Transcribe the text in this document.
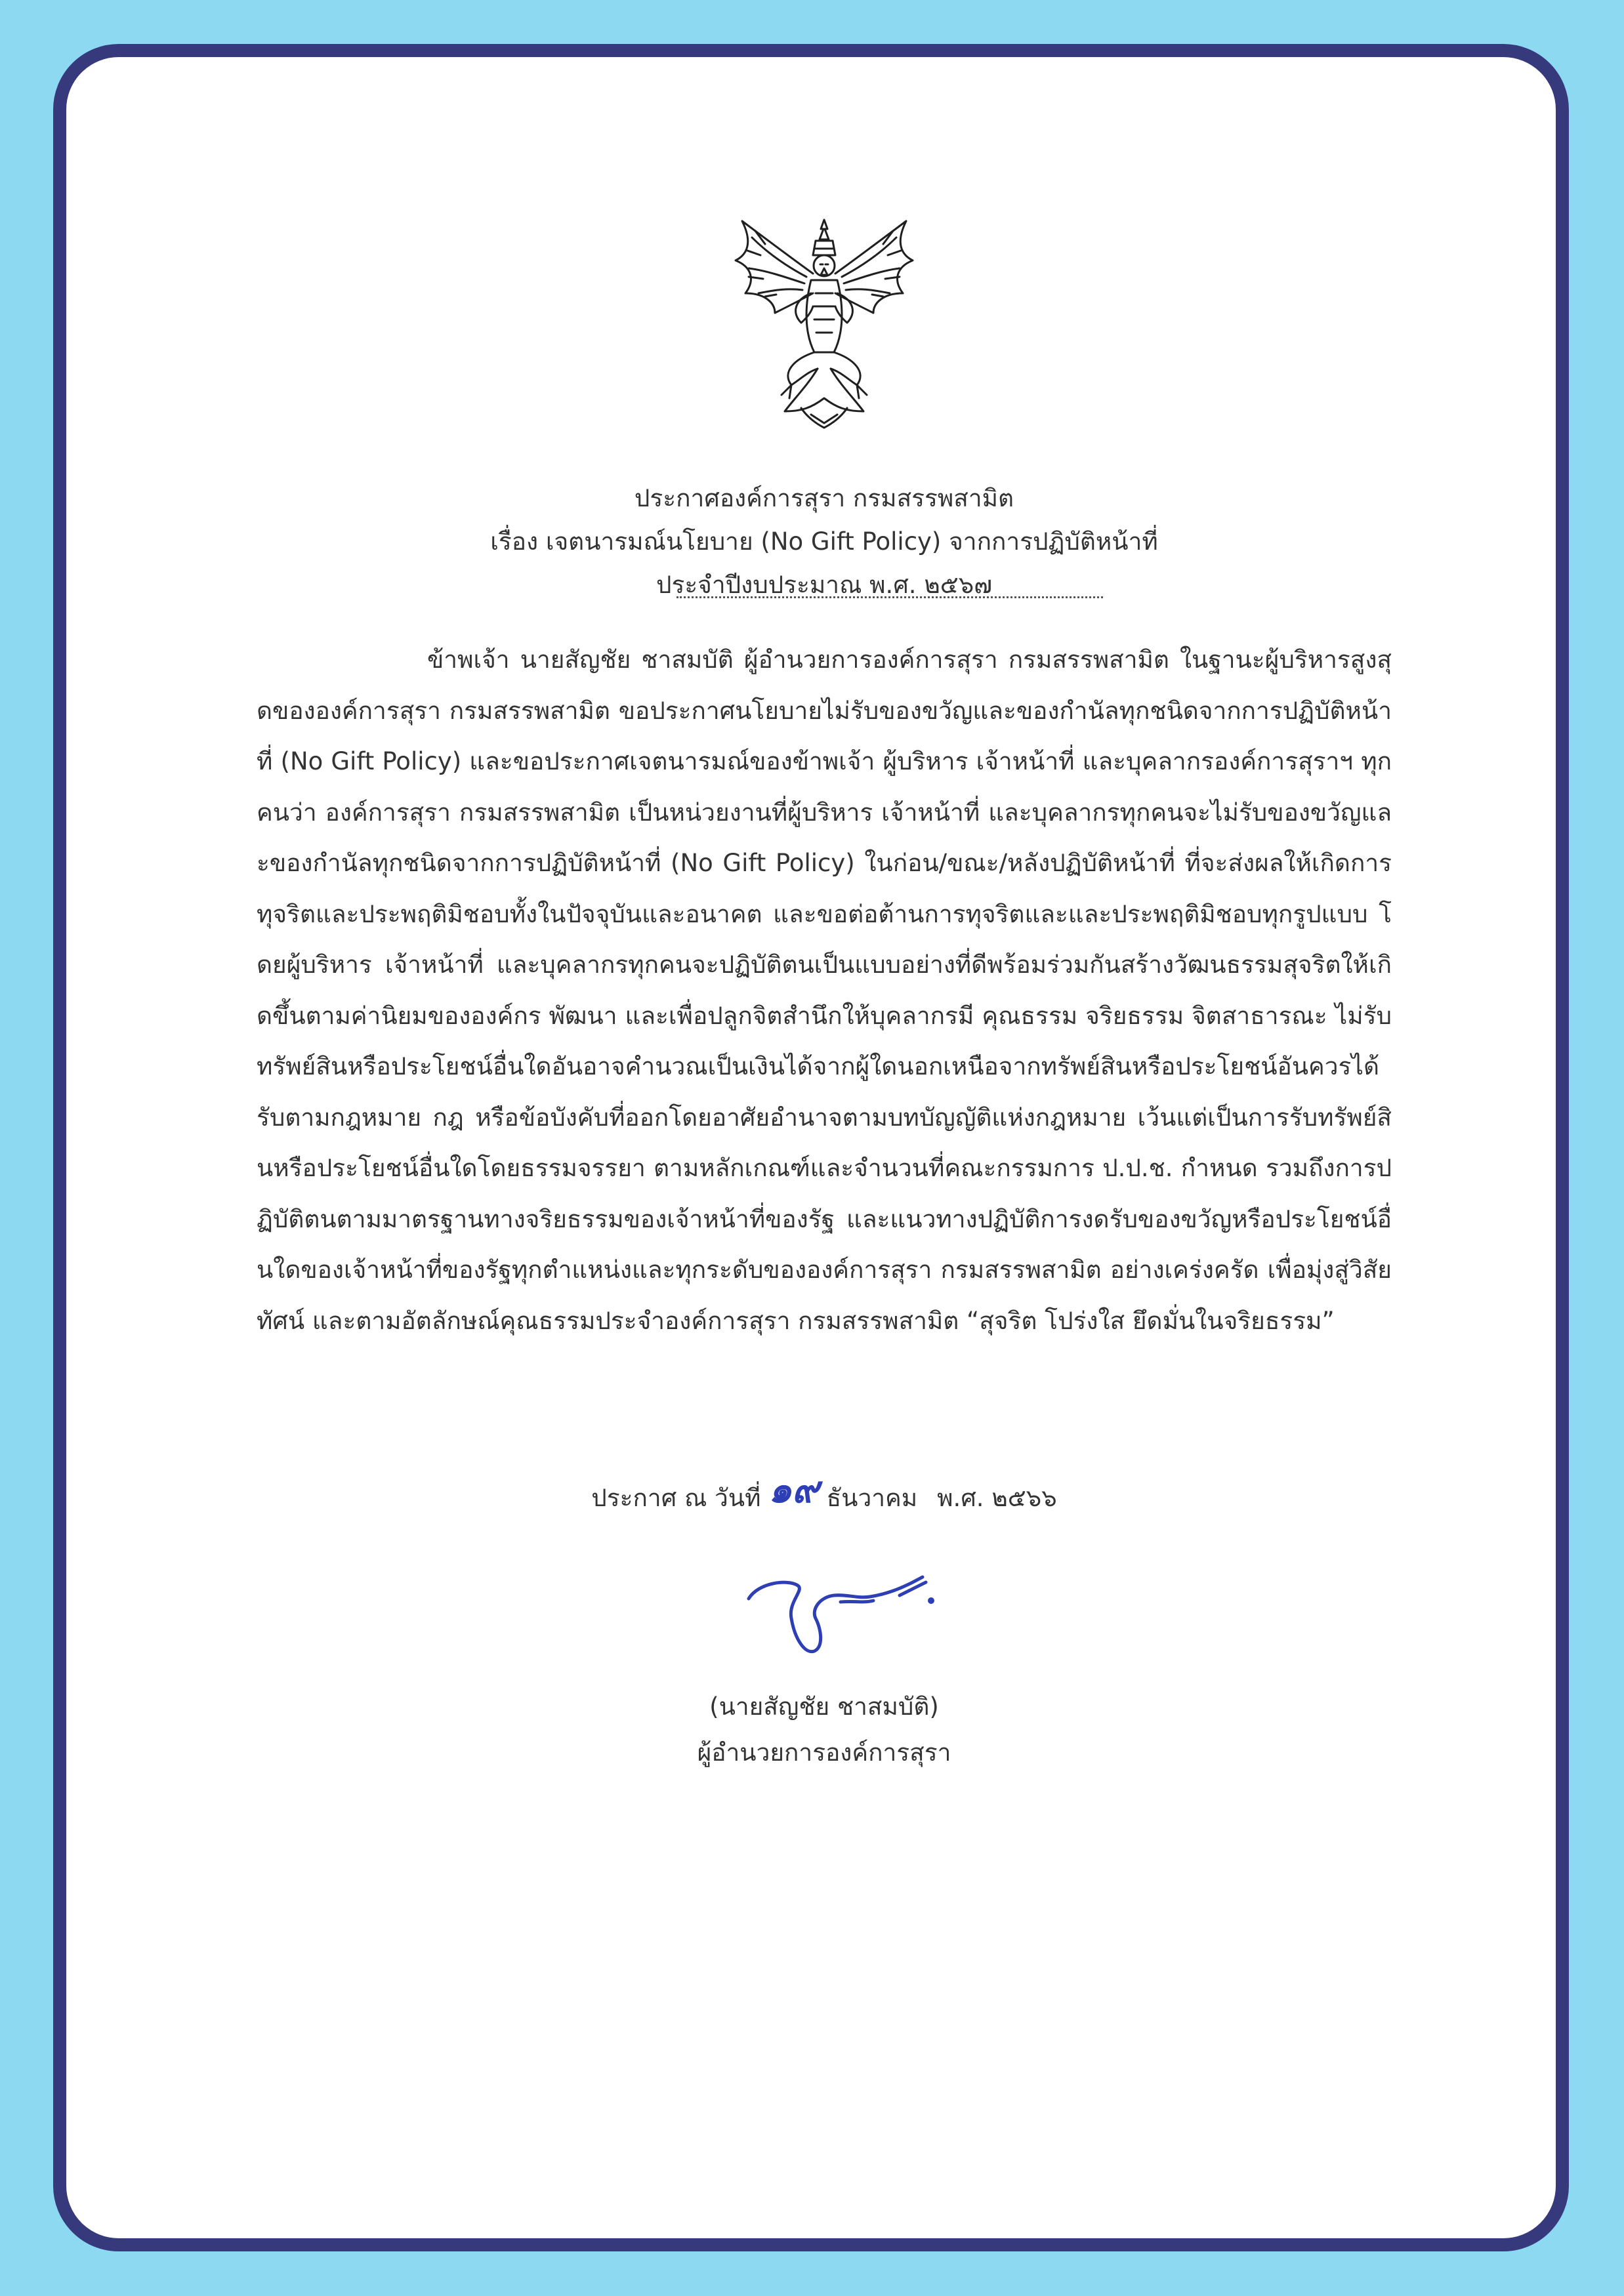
ประกาศองค์การสุรา กรมสรรพสามิต
เรื่อง เจตนารมณ์นโยบาย (No Gift Policy) จากการปฏิบัติหน้าที่
ประจำปีงบประมาณ พ.ศ. ๒๕๖๗

ข้าพเจ้า นายสัญชัย ชาสมบัติ ผู้อำนวยการองค์การสุรา กรมสรรพสามิต ในฐานะผู้บริหารสูงสุดขององค์การสุรา กรมสรรพสามิต ขอประกาศนโยบายไม่รับของขวัญและของกำนัลทุกชนิดจากการปฏิบัติหน้าที่ (No Gift Policy) และขอประกาศเจตนารมณ์ของข้าพเจ้า ผู้บริหาร เจ้าหน้าที่ และบุคลากรองค์การสุราฯ ทุกคนว่า องค์การสุรา กรมสรรพสามิต เป็นหน่วยงานที่ผู้บริหาร เจ้าหน้าที่ และบุคลากรทุกคนจะไม่รับของขวัญและของกำนัลทุกชนิดจากการปฏิบัติหน้าที่ (No Gift Policy) ในก่อน/ขณะ/หลังปฏิบัติหน้าที่ ที่จะส่งผลให้เกิดการทุจริตและประพฤติมิชอบทั้งในปัจจุบันและอนาคต และขอต่อต้านการทุจริตและและประพฤติมิชอบทุกรูปแบบ โดยผู้บริหาร เจ้าหน้าที่ และบุคลากรทุกคนจะปฏิบัติตนเป็นแบบอย่างที่ดีพร้อมร่วมกันสร้างวัฒนธรรมสุจริตให้เกิดขึ้นตามค่านิยมขององค์กร พัฒนา และเพื่อปลูกจิตสำนึกให้บุคลากรมี คุณธรรม จริยธรรม จิตสาธารณะ ไม่รับทรัพย์สินหรือประโยชน์อื่นใดอันอาจคำนวณเป็นเงินได้จากผู้ใดนอกเหนือจากทรัพย์สินหรือประโยชน์อันควรได้รับตามกฎหมาย กฎ หรือข้อบังคับที่ออกโดยอาศัยอำนาจตามบทบัญญัติแห่งกฎหมาย เว้นแต่เป็นการรับทรัพย์สินหรือประโยชน์อื่นใดโดยธรรมจรรยา ตามหลักเกณฑ์และจำนวนที่คณะกรรมการ ป.ป.ช. กำหนด รวมถึงการปฏิบัติตนตามมาตรฐานทางจริยธรรมของเจ้าหน้าที่ของรัฐ และแนวทางปฏิบัติการงดรับของขวัญหรือประโยชน์อื่นใดของเจ้าหน้าที่ของรัฐทุกตำแหน่งและทุกระดับขององค์การสุรา กรมสรรพสามิต อย่างเคร่งครัด เพื่อมุ่งสู่วิสัยทัศน์ และตามอัตลักษณ์คุณธรรมประจำองค์การสุรา กรมสรรพสามิต “สุจริต โปร่งใส ยึดมั่นในจริยธรรม”

ประกาศ ณ วันที่ ๑๙ ธันวาคม พ.ศ. ๒๕๖๖
(นายสัญชัย ชาสมบัติ)
ผู้อำนวยการองค์การสุรา
